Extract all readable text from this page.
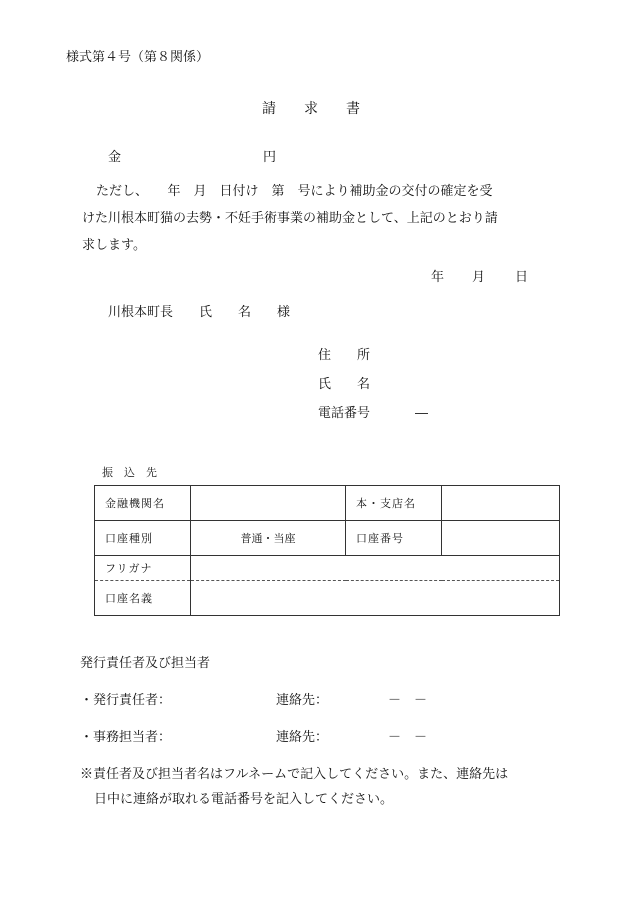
様式第４号（第８関係）
請　　求　　書
金	円
ただし、　　年　月　日付け　第　号により補助金の交付の確定を受
けた川根本町猫の去勢・不妊手術事業の補助金として、上記のとおり請
求します。
年 月 日
川根本町長　　氏　　名　　様
住　　所
氏　　名
電話番号	―
振　込　先
金融機関名		本・支店名	
口座種別	普通・当座	口座番号	
フリガナ			
口座名義			
発行責任者及び担当者
・発行責任者：	連絡先：	－　－
・事務担当者：	連絡先：	－　－
※責任者及び担当者名はフルネームで記入してください。また、連絡先は
日中に連絡が取れる電話番号を記入してください。
